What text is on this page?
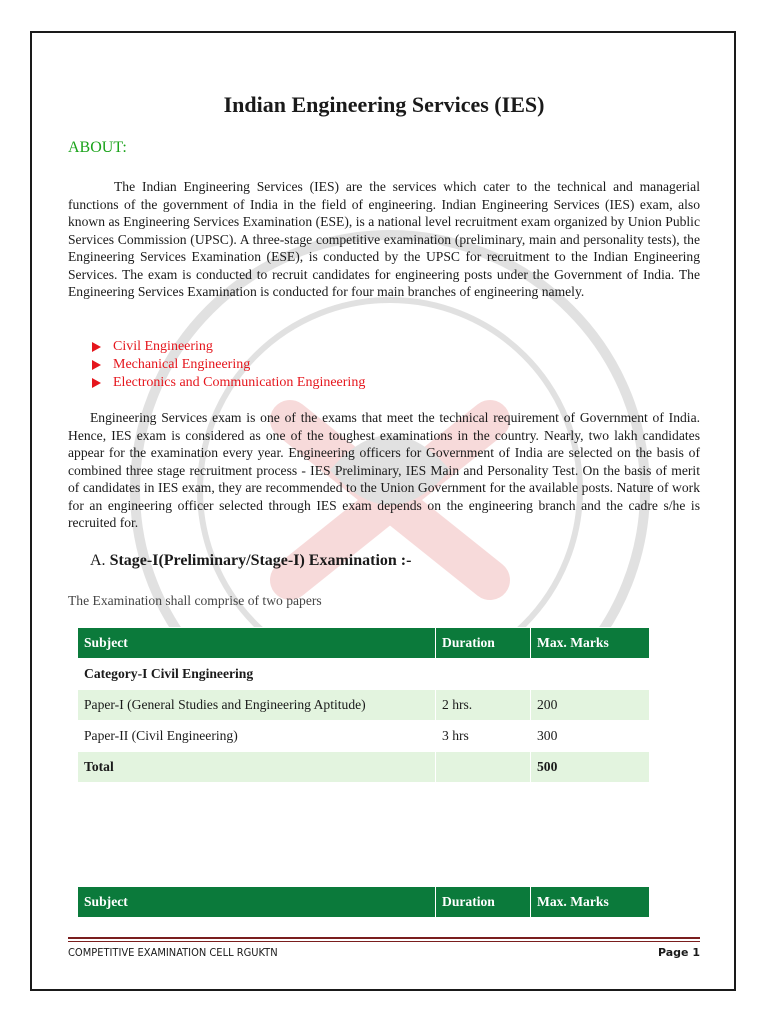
Indian Engineering Services (IES)
ABOUT:

The Indian Engineering Services (IES) are the services which cater to the technical and managerial functions of the government of India in the field of engineering. Indian Engineering Services (IES) exam, also known as Engineering Services Examination (ESE), is a national level recruitment exam organized by Union Public Services Commission (UPSC). A three-stage competitive examination (preliminary, main and personality tests), the Engineering Services Examination (ESE), is conducted by the UPSC for recruitment to the Indian Engineering Services. The exam is conducted to recruit candidates for engineering posts under the Government of India. The Engineering Services Examination is conducted for four main branches of engineering namely.

Civil Engineering
Mechanical Engineering
Electronics and Communication Engineering

Engineering Services exam is one of the exams that meet the technical requirement of Government of India. Hence, IES exam is considered as one of the toughest examinations in the country. Nearly, two lakh candidates appear for the examination every year. Engineering officers for Government of India are selected on the basis of combined three stage recruitment process - IES Preliminary, IES Main and Personality Test. On the basis of merit of candidates in IES exam, they are recommended to the Union Government for the available posts. Nature of work for an engineering officer selected through IES exam depends on the engineering branch and the cadre s/he is recruited for.

A. Stage-I(Preliminary/Stage-I) Examination :-
The Examination shall comprise of two papers
Subject	Duration	Max. Marks
Category-I Civil Engineering		
Paper-I (General Studies and Engineering Aptitude)	2 hrs.	200
Paper-II (Civil Engineering)	3 hrs	300
Total		500
Subject	Duration	Max. Marks
COMPETITIVE EXAMINATION CELL RGUKTN	Page 1
